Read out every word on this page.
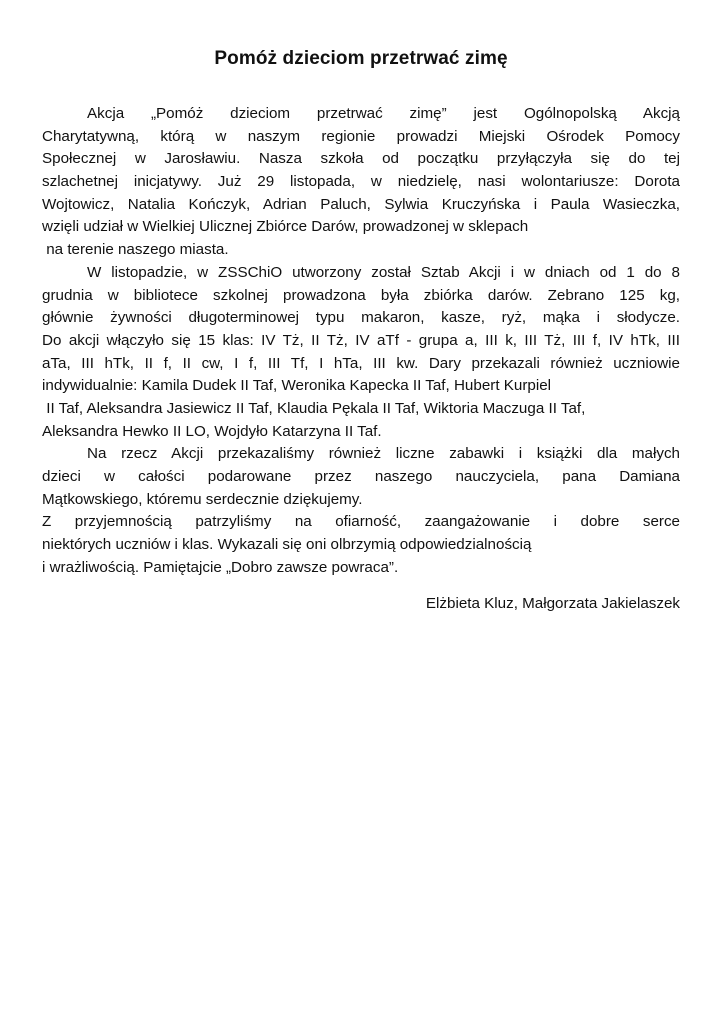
Pomóż dzieciom przetrwać zimę
Akcja „Pomóż dzieciom przetrwać zimę” jest Ogólnopolską Akcją
Charytatywną, którą w naszym regionie prowadzi Miejski Ośrodek Pomocy
Społecznej w Jarosławiu. Nasza szkoła od początku przyłączyła się do tej
szlachetnej inicjatywy. Już 29 listopada, w niedzielę, nasi wolontariusze: Dorota
Wojtowicz, Natalia Kończyk, Adrian Paluch, Sylwia Kruczyńska i Paula Wasieczka,
wzięli udział w Wielkiej Ulicznej Zbiórce Darów, prowadzonej w sklepach
na terenie naszego miasta.
W listopadzie, w ZSSChiO utworzony został Sztab Akcji i w dniach od 1 do 8
grudnia w bibliotece szkolnej prowadzona była zbiórka darów. Zebrano 125 kg,
głównie żywności długoterminowej typu makaron, kasze, ryż, mąka i słodycze.
Do akcji włączyło się 15 klas: IV Tż, II Tż, IV aTf - grupa a, III k, III Tż, III f, IV hTk, III
aTa, III hTk, II f, II cw, I f, III Tf, I hTa, III kw. Dary przekazali również uczniowie
indywidualnie: Kamila Dudek II Taf, Weronika Kapecka II Taf, Hubert Kurpiel
II Taf, Aleksandra Jasiewicz II Taf, Klaudia Pękala II Taf, Wiktoria Maczuga II Taf,
Aleksandra Hewko II LO, Wojdyło Katarzyna II Taf.
Na rzecz Akcji przekazaliśmy również liczne zabawki i książki dla małych
dzieci w całości podarowane przez naszego nauczyciela, pana Damiana
Mątkowskiego, któremu serdecznie dziękujemy.
Z przyjemnością patrzyliśmy na ofiarność, zaangażowanie i dobre serce
niektórych uczniów i klas. Wykazali się oni olbrzymią odpowiedzialnością
i wrażliwością. Pamiętajcie „Dobro zawsze powraca”.
Elżbieta Kluz, Małgorzata Jakielaszek
